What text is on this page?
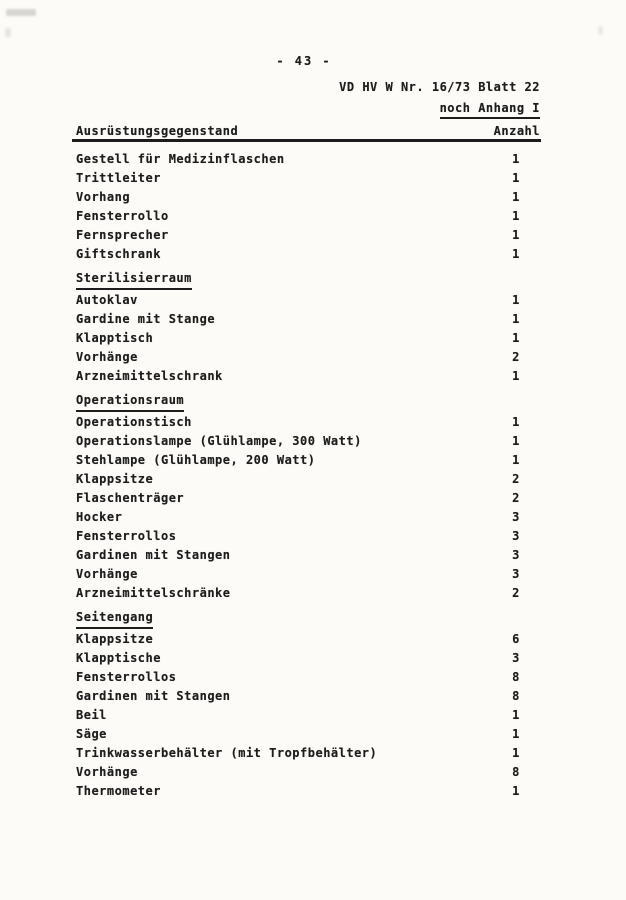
- 43 -
VD HV W Nr. 16/73 Blatt 22
noch Anhang I
Ausrüstungsgegenstand	Anzahl
Gestell für Medizinflaschen	1
Trittleiter	1
Vorhang	1
Fensterrollo	1
Fernsprecher	1
Giftschrank	1
Sterilisierraum
Autoklav	1
Gardine mit Stange	1
Klapptisch	1
Vorhänge	2
Arzneimittelschrank	1
Operationsraum
Operationstisch	1
Operationslampe (Glühlampe, 300 Watt)	1
Stehlampe (Glühlampe, 200 Watt)	1
Klappsitze	2
Flaschenträger	2
Hocker	3
Fensterrollos	3
Gardinen mit Stangen	3
Vorhänge	3
Arzneimittelschränke	2
Seitengang
Klappsitze	6
Klapptische	3
Fensterrollos	8
Gardinen mit Stangen	8
Beil	1
Säge	1
Trinkwasserbehälter (mit Tropfbehälter)	1
Vorhänge	8
Thermometer	1
